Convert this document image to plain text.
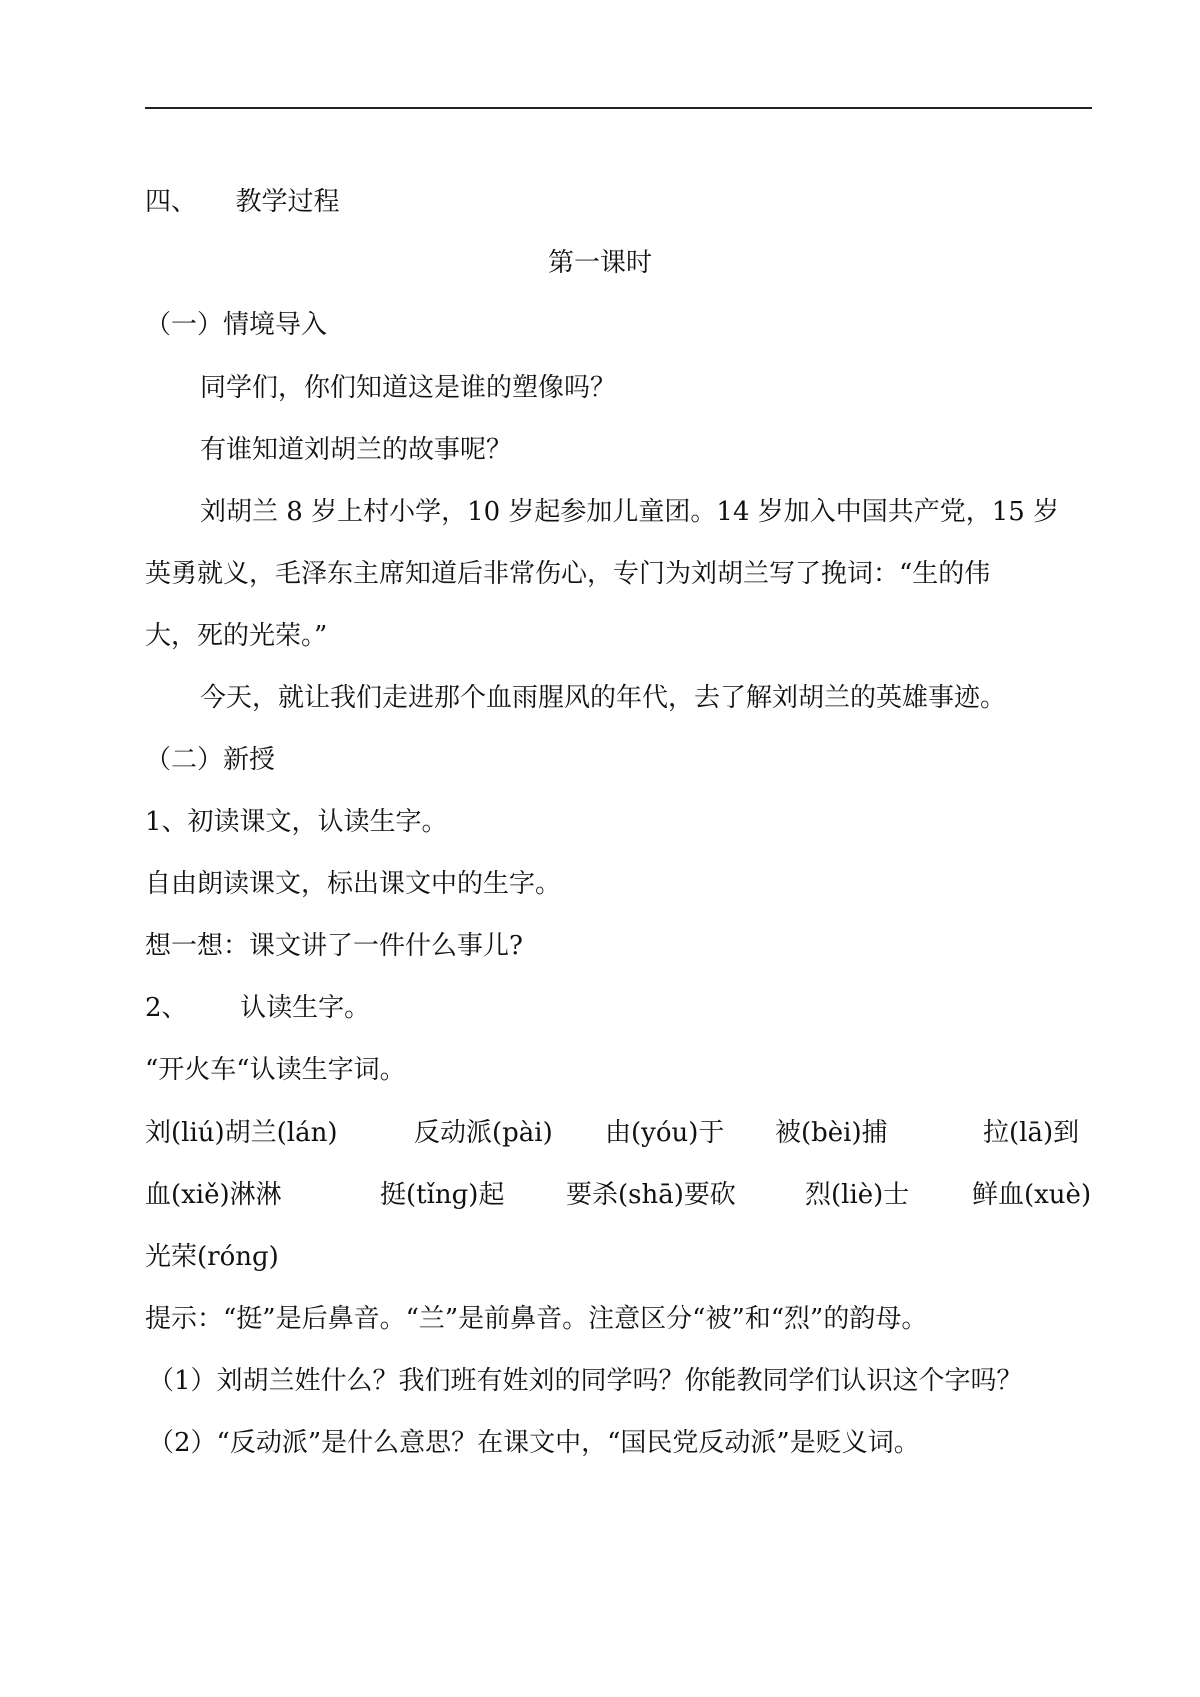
四、 教学过程
第一课时
（一）情境导入
同学们，你们知道这是谁的塑像吗？
有谁知道刘胡兰的故事呢？
刘胡兰 8 岁上村小学，10 岁起参加儿童团。14 岁加入中国共产党，15 岁
英勇就义，毛泽东主席知道后非常伤心，专门为刘胡兰写了挽词：“生的伟
大，死的光荣。”
今天，就让我们走进那个血雨腥风的年代，去了解刘胡兰的英雄事迹。
（二）新授
1、初读课文，认读生字。
自由朗读课文，标出课文中的生字。
想一想：课文讲了一件什么事儿?
2、 认读生字。
“开火车“认读生字词。
刘(liú)胡兰(lán)	反动派(pài) 由(yóu)于 被(bèi)捕	拉(lā)到
血(xiě)淋淋	挺(tǐnɡ)起 要杀(shā)要砍	烈(liè)士 鲜血(xuè)
光荣(rónɡ)
提示：“挺”是后鼻音。“兰”是前鼻音。注意区分“被”和“烈”的韵母。
（1）刘胡兰姓什么？我们班有姓刘的同学吗？你能教同学们认识这个字吗？
（2）“反动派”是什么意思？在课文中，“国民党反动派”是贬义词。
